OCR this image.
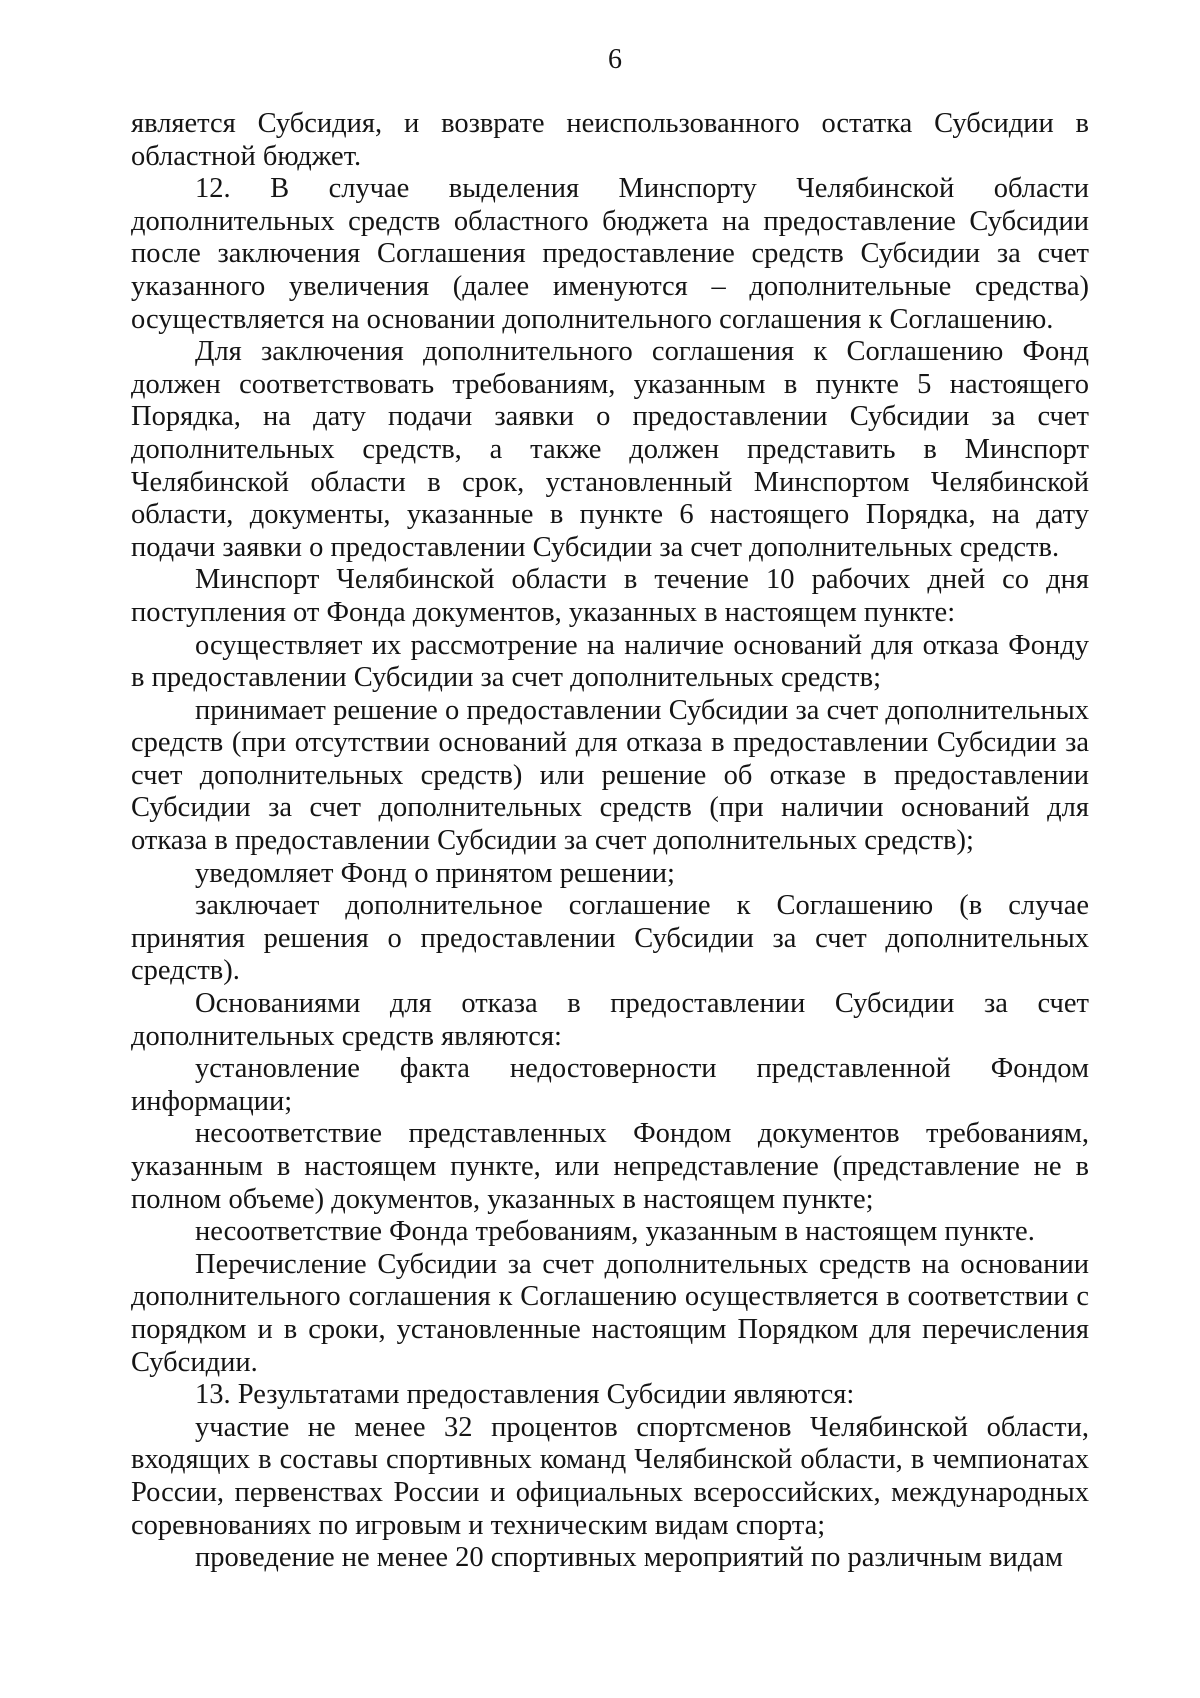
6

является Субсидия, и возврате неиспользованного остатка Субсидии в областной бюджет.

12. В случае выделения Минспорту Челябинской области дополнительных средств областного бюджета на предоставление Субсидии после заключения Соглашения предоставление средств Субсидии за счет указанного увеличения (далее именуются – дополнительные средства) осуществляется на основании дополнительного соглашения к Соглашению.

Для заключения дополнительного соглашения к Соглашению Фонд должен соответствовать требованиям, указанным в пункте 5 настоящего Порядка, на дату подачи заявки о предоставлении Субсидии за счет дополнительных средств, а также должен представить в Минспорт Челябинской области в срок, установленный Минспортом Челябинской области, документы, указанные в пункте 6 настоящего Порядка, на дату подачи заявки о предоставлении Субсидии за счет дополнительных средств.

Минспорт Челябинской области в течение 10 рабочих дней со дня поступления от Фонда документов, указанных в настоящем пункте:

осуществляет их рассмотрение на наличие оснований для отказа Фонду в предоставлении Субсидии за счет дополнительных средств;

принимает решение о предоставлении Субсидии за счет дополнительных средств (при отсутствии оснований для отказа в предоставлении Субсидии за счет дополнительных средств) или решение об отказе в предоставлении Субсидии за счет дополнительных средств (при наличии оснований для отказа в предоставлении Субсидии за счет дополнительных средств);

уведомляет Фонд о принятом решении;

заключает дополнительное соглашение к Соглашению (в случае принятия решения о предоставлении Субсидии за счет дополнительных средств).

Основаниями для отказа в предоставлении Субсидии за счет дополнительных средств являются:

установление факта недостоверности представленной Фондом информации;

несоответствие представленных Фондом документов требованиям, указанным в настоящем пункте, или непредставление (представление не в полном объеме) документов, указанных в настоящем пункте;

несоответствие Фонда требованиям, указанным в настоящем пункте.

Перечисление Субсидии за счет дополнительных средств на основании дополнительного соглашения к Соглашению осуществляется в соответствии с порядком и в сроки, установленные настоящим Порядком для перечисления Субсидии.

13. Результатами предоставления Субсидии являются:

участие не менее 32 процентов спортсменов Челябинской области, входящих в составы спортивных команд Челябинской области, в чемпионатах России, первенствах России и официальных всероссийских, международных соревнованиях по игровым и техническим видам спорта;

проведение не менее 20 спортивных мероприятий по различным видам
